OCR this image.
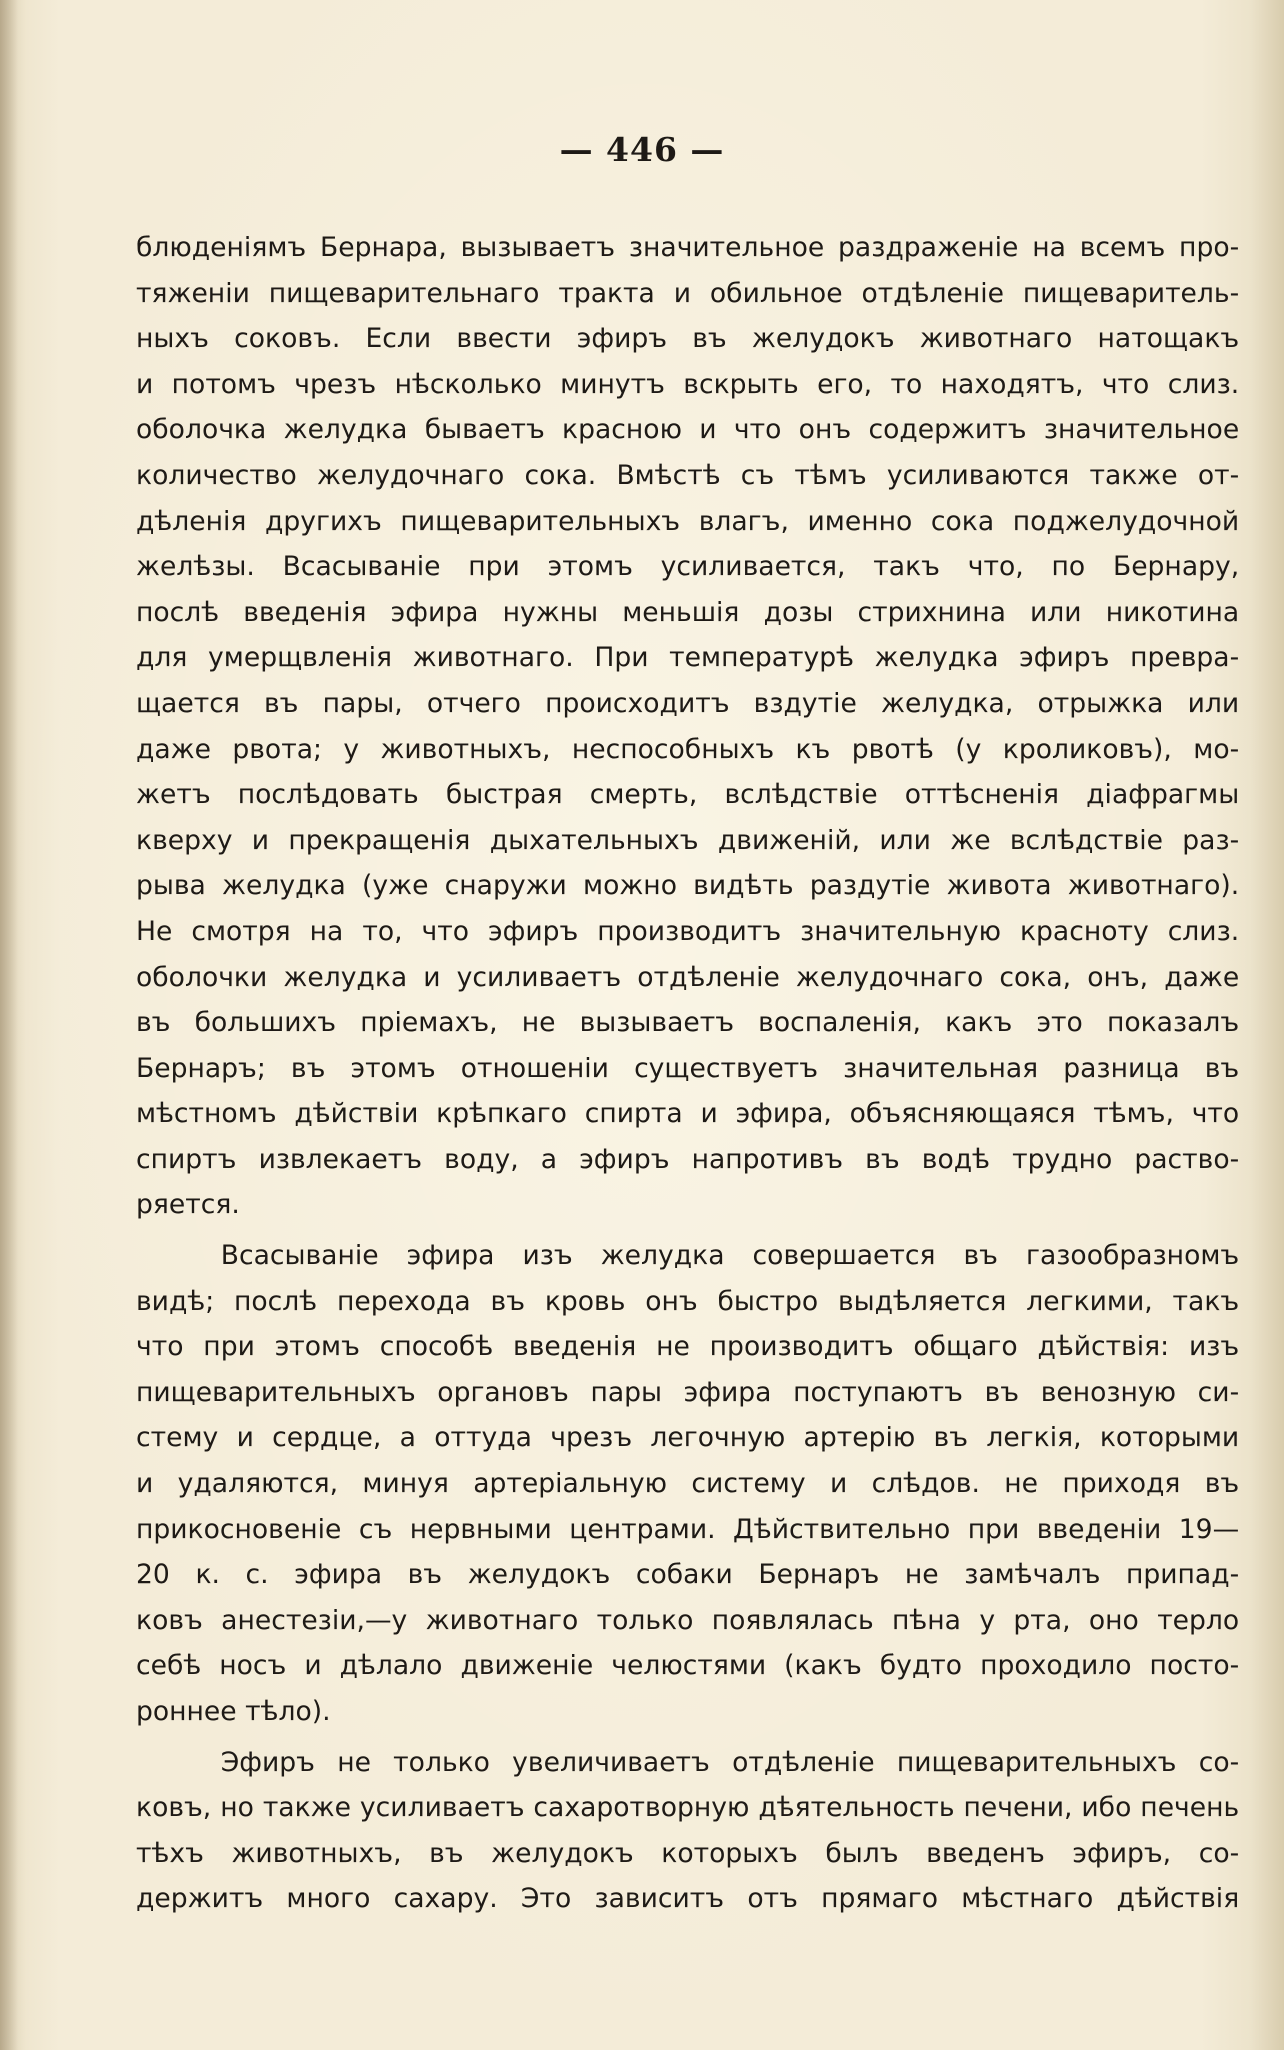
— 446 —
блюденіямъ Бернара, вызываетъ значительное раздраженіе на всемъ про-
тяженіи пищеварительнаго тракта и обильное отдѣленіе пищеваритель-
ныхъ соковъ. Если ввести эфиръ въ желудокъ животнаго натощакъ
и потомъ чрезъ нѣсколько минутъ вскрыть его, то находятъ, что слиз.
оболочка желудка бываетъ красною и что онъ содержитъ значительное
количество желудочнаго сока. Вмѣстѣ съ тѣмъ усиливаются также от-
дѣленія другихъ пищеварительныхъ влагъ, именно сока поджелудочной
желѣзы. Всасываніе при этомъ усиливается, такъ что, по Бернару,
послѣ введенія эфира нужны меньшія дозы стрихнина или никотина
для умерщвленія животнаго. При температурѣ желудка эфиръ превра-
щается въ пары, отчего происходитъ вздутіе желудка, отрыжка или
даже рвота; у животныхъ, неспособныхъ къ рвотѣ (у кроликовъ), мо-
жетъ послѣдовать быстрая смерть, вслѣдствіе оттѣсненія діафрагмы
кверху и прекращенія дыхательныхъ движеній, или же вслѣдствіе раз-
рыва желудка (уже снаружи можно видѣть раздутіе живота животнаго).
Не смотря на то, что эфиръ производитъ значительную красноту слиз.
оболочки желудка и усиливаетъ отдѣленіе желудочнаго сока, онъ, даже
въ большихъ пріемахъ, не вызываетъ воспаленія, какъ это показалъ
Бернаръ; въ этомъ отношеніи существуетъ значительная разница въ
мѣстномъ дѣйствіи крѣпкаго спирта и эфира, объясняющаяся тѣмъ, что
спиртъ извлекаетъ воду, а эфиръ напротивъ въ водѣ трудно раство-
ряется.
Всасываніе эфира изъ желудка совершается въ газообразномъ
видѣ; послѣ перехода въ кровь онъ быстро выдѣляется легкими, такъ
что при этомъ способѣ введенія не производитъ общаго дѣйствія: изъ
пищеварительныхъ органовъ пары эфира поступаютъ въ венозную си-
стему и сердце, а оттуда чрезъ легочную артерію въ легкія, которыми
и удаляются, минуя артеріальную систему и слѣдов. не приходя въ
прикосновеніе съ нервными центрами. Дѣйствительно при введеніи 19—
20 к. с. эфира въ желудокъ собаки Бернаръ не замѣчалъ припад-
ковъ анестезіи,—у животнаго только появлялась пѣна у рта, оно терло
себѣ носъ и дѣлало движеніе челюстями (какъ будто проходило посто-
роннее тѣло).
Эфиръ не только увеличиваетъ отдѣленіе пищеварительныхъ со-
ковъ, но также усиливаетъ сахаротворную дѣятельность печени, ибо печень
тѣхъ животныхъ, въ желудокъ которыхъ былъ введенъ эфиръ, со-
держитъ много сахару. Это зависитъ отъ прямаго мѣстнаго дѣйствія
